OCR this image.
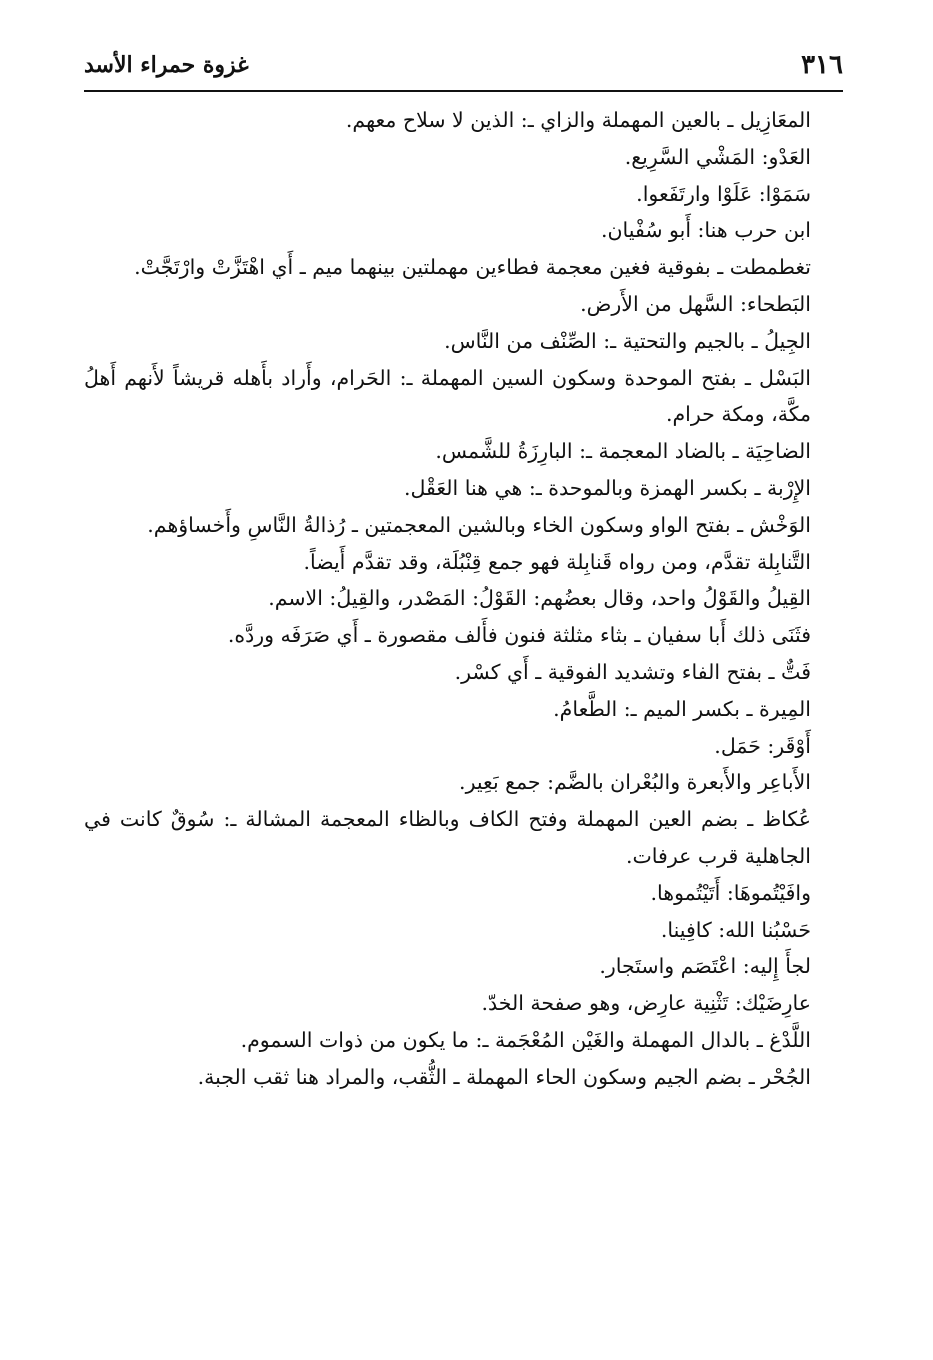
٣١٦
غزوة حمراء الأسد

المعَازِيل ـ بالعين المهملة والزاي ـ: الذين لا سلاح معهم.

العَدْو: المَشْي السَّرِيع.

سَمَوْا: عَلَوْا وارتَفَعوا.

ابن حرب هنا: أَبو سُفْيان.

تغطمطت ـ بفوقية فغين معجمة فطاءين مهملتين بينهما ميم ـ أَي اهْتَزَّتْ وارْتَجَّتْ.

البَطحاء: السَّهل من الأَرض.

الجِيلُ ـ بالجيم والتحتية ـ: الصِّنْف من النَّاس.

البَسْل ـ بفتح الموحدة وسكون السين المهملة ـ: الحَرام، وأَراد بأَهله قريشاً لأَنهم أَهلُ مكَّة، ومكة حرام.

الضاحِيَة ـ بالضاد المعجمة ـ: البارِزَةُ للشَّمس.

الإِرْبة ـ بكسر الهمزة وبالموحدة ـ: هي هنا العَقْل.

الوَخْش ـ بفتح الواو وسكون الخاء وبالشين المعجمتين ـ رُذالةُ النَّاسِ وأَخساؤهم.

التَّنابِلة تقدَّم، ومن رواه قَنابِلة فهو جمع قِنْبُلَة، وقد تقدَّم أَيضاً.

القِيلُ والقَوْلُ واحد، وقال بعضُهم: القَوْلُ: المَصْدر، والقِيلُ: الاسم.

فثَنَى ذلك أَبا سفيان ـ بثاء مثلثة فنون فأَلف مقصورة ـ أَي صَرَفَه وردَّه.

فَتٌّ ـ بفتح الفاء وتشديد الفوقية ـ أَي كسْر.

المِيرة ـ بكسر الميم ـ: الطَّعامُ.

أَوْقَر: حَمَل.

الأَباعِر والأَبعرة والبُعْران بالضَّم: جمع بَعِير.

عُكاظ ـ بضم العين المهملة وفتح الكاف وبالظاء المعجمة المشالة ـ: سُوقٌ كانت في الجاهلية قرب عرفات.

وافَيْتُموهَا: أَتَيْتُموها.

حَسْبُنا الله: كافِينا.

لجأَ إِليه: اعْتَصَم واستَجار.

عارِضَيْك: تَثْنِية عارِض، وهو صفحة الخدّ.

اللَّدْغ ـ بالدال المهملة والغَيْن المُعْجَمة ـ: ما يكون من ذوات السموم.

الجُحْر ـ بضم الجيم وسكون الحاء المهملة ـ الثُّقب، والمراد هنا ثقب الجبة.
